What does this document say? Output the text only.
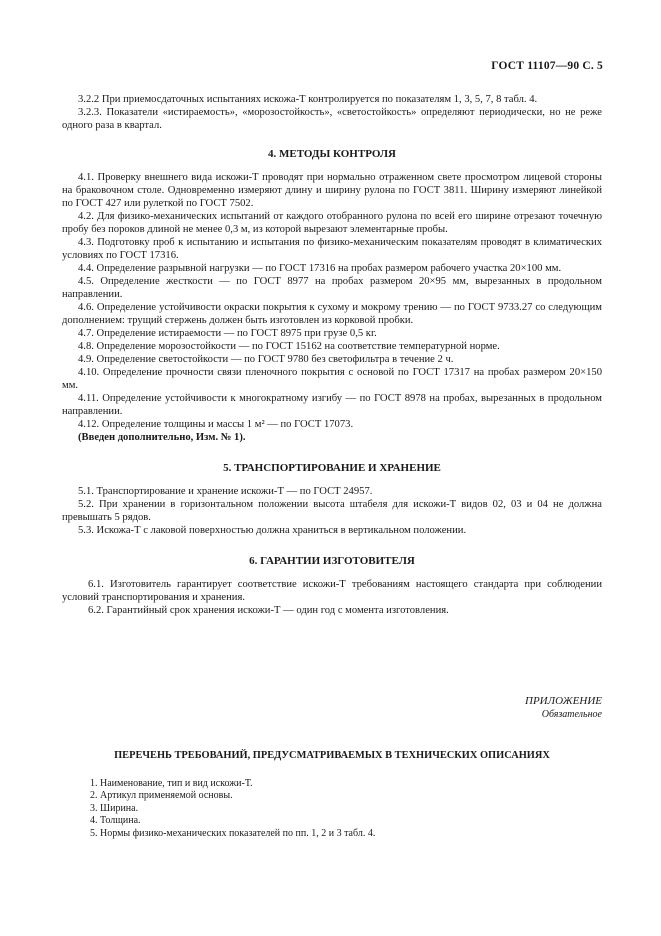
ГОСТ 11107—90 С. 5

3.2.2 При приемосдаточных испытаниях искожа-Т контролируется по показателям 1, 3, 5, 7, 8 табл. 4.

3.2.3. Показатели «истираемость», «морозостойкость», «светостойкость» определяют периодически, но не реже одного раза в квартал.

4. МЕТОДЫ КОНТРОЛЯ

4.1. Проверку внешнего вида искожи-Т проводят при нормально отраженном свете просмотром лицевой стороны на браковочном столе. Одновременно измеряют длину и ширину рулона по ГОСТ 3811. Ширину измеряют линейкой по ГОСТ 427 или рулеткой по ГОСТ 7502.

4.2. Для физико-механических испытаний от каждого отобранного рулона по всей его ширине отрезают точечную пробу без пороков длиной не менее 0,3 м, из которой вырезают элементарные пробы.

4.3. Подготовку проб к испытанию и испытания по физико-механическим показателям проводят в климатических условиях по ГОСТ 17316.

4.4. Определение разрывной нагрузки — по ГОСТ 17316 на пробах размером рабочего участка 20×100 мм.

4.5. Определение жесткости — по ГОСТ 8977 на пробах размером 20×95 мм, вырезанных в продольном направлении.

4.6. Определение устойчивости окраски покрытия к сухому и мокрому трению — по ГОСТ 9733.27 со следующим дополнением: трущий стержень должен быть изготовлен из корковой пробки.

4.7. Определение истираемости — по ГОСТ 8975 при грузе 0,5 кг.

4.8. Определение морозостойкости — по ГОСТ 15162 на соответствие температурной норме.

4.9. Определение светостойкости — по ГОСТ 9780 без светофильтра в течение 2 ч.

4.10. Определение прочности связи пленочного покрытия с основой по ГОСТ 17317 на пробах размером 20×150 мм.

4.11. Определение устойчивости к многократному изгибу — по ГОСТ 8978 на пробах, вырезанных в продольном направлении.

4.12. Определение толщины и массы 1 м² — по ГОСТ 17073.

(Введен дополнительно, Изм. № 1).

5. ТРАНСПОРТИРОВАНИЕ И ХРАНЕНИЕ

5.1. Транспортирование и хранение искожи-Т — по ГОСТ 24957.

5.2. При хранении в горизонтальном положении высота штабеля для искожи-Т видов 02, 03 и 04 не должна превышать 5 рядов.

5.3. Искожа-Т с лаковой поверхностью должна храниться в вертикальном положении.

6. ГАРАНТИИ ИЗГОТОВИТЕЛЯ

6.1. Изготовитель гарантирует соответствие искожи-Т требованиям настоящего стандарта при соблюдении условий транспортирования и хранения.

6.2. Гарантийный срок хранения искожи-Т — один год с момента изготовления.

ПРИЛОЖЕНИЕ
Обязательное
ПЕРЕЧЕНЬ ТРЕБОВАНИЙ, ПРЕДУСМАТРИВАЕМЫХ В ТЕХНИЧЕСКИХ ОПИСАНИЯХ
1. Наименование, тип и вид искожи-Т.
2. Артикул применяемой основы.
3. Ширина.
4. Толщина.
5. Нормы физико-механических показателей по пп. 1, 2 и 3 табл. 4.
